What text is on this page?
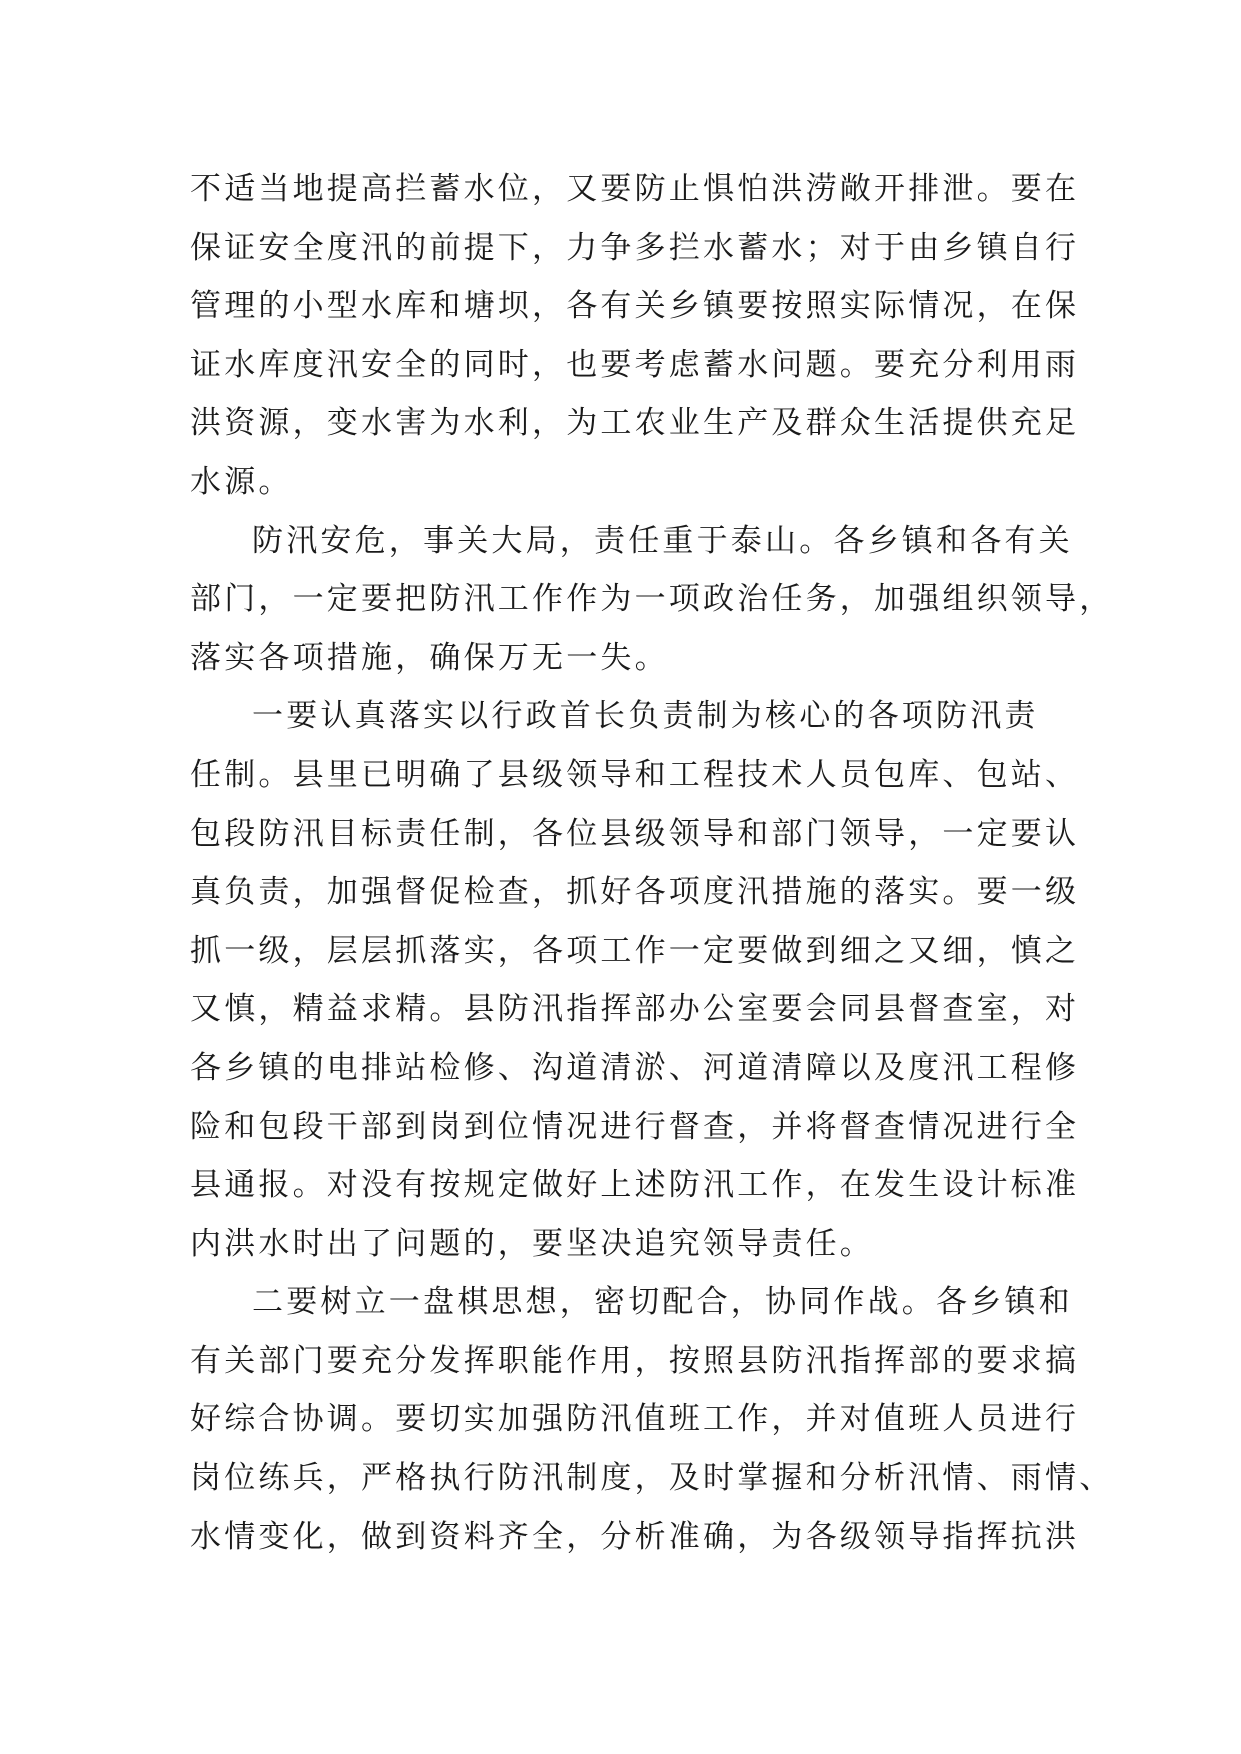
不适当地提高拦蓄水位，又要防止惧怕洪涝敞开排泄。要在
保证安全度汛的前提下，力争多拦水蓄水；对于由乡镇自行
管理的小型水库和塘坝，各有关乡镇要按照实际情况，在保
证水库度汛安全的同时，也要考虑蓄水问题。要充分利用雨
洪资源，变水害为水利，为工农业生产及群众生活提供充足
水源。
防汛安危，事关大局，责任重于泰山。各乡镇和各有关
部门，一定要把防汛工作作为一项政治任务，加强组织领导，
落实各项措施，确保万无一失。
一要认真落实以行政首长负责制为核心的各项防汛责
任制。县里已明确了县级领导和工程技术人员包库、包站、
包段防汛目标责任制，各位县级领导和部门领导，一定要认
真负责，加强督促检查，抓好各项度汛措施的落实。要一级
抓一级，层层抓落实，各项工作一定要做到细之又细，慎之
又慎，精益求精。县防汛指挥部办公室要会同县督查室，对
各乡镇的电排站检修、沟道清淤、河道清障以及度汛工程修
险和包段干部到岗到位情况进行督查，并将督查情况进行全
县通报。对没有按规定做好上述防汛工作，在发生设计标准
内洪水时出了问题的，要坚决追究领导责任。
二要树立一盘棋思想，密切配合，协同作战。各乡镇和
有关部门要充分发挥职能作用，按照县防汛指挥部的要求搞
好综合协调。要切实加强防汛值班工作，并对值班人员进行
岗位练兵，严格执行防汛制度，及时掌握和分析汛情、雨情、
水情变化，做到资料齐全，分析准确，为各级领导指挥抗洪
